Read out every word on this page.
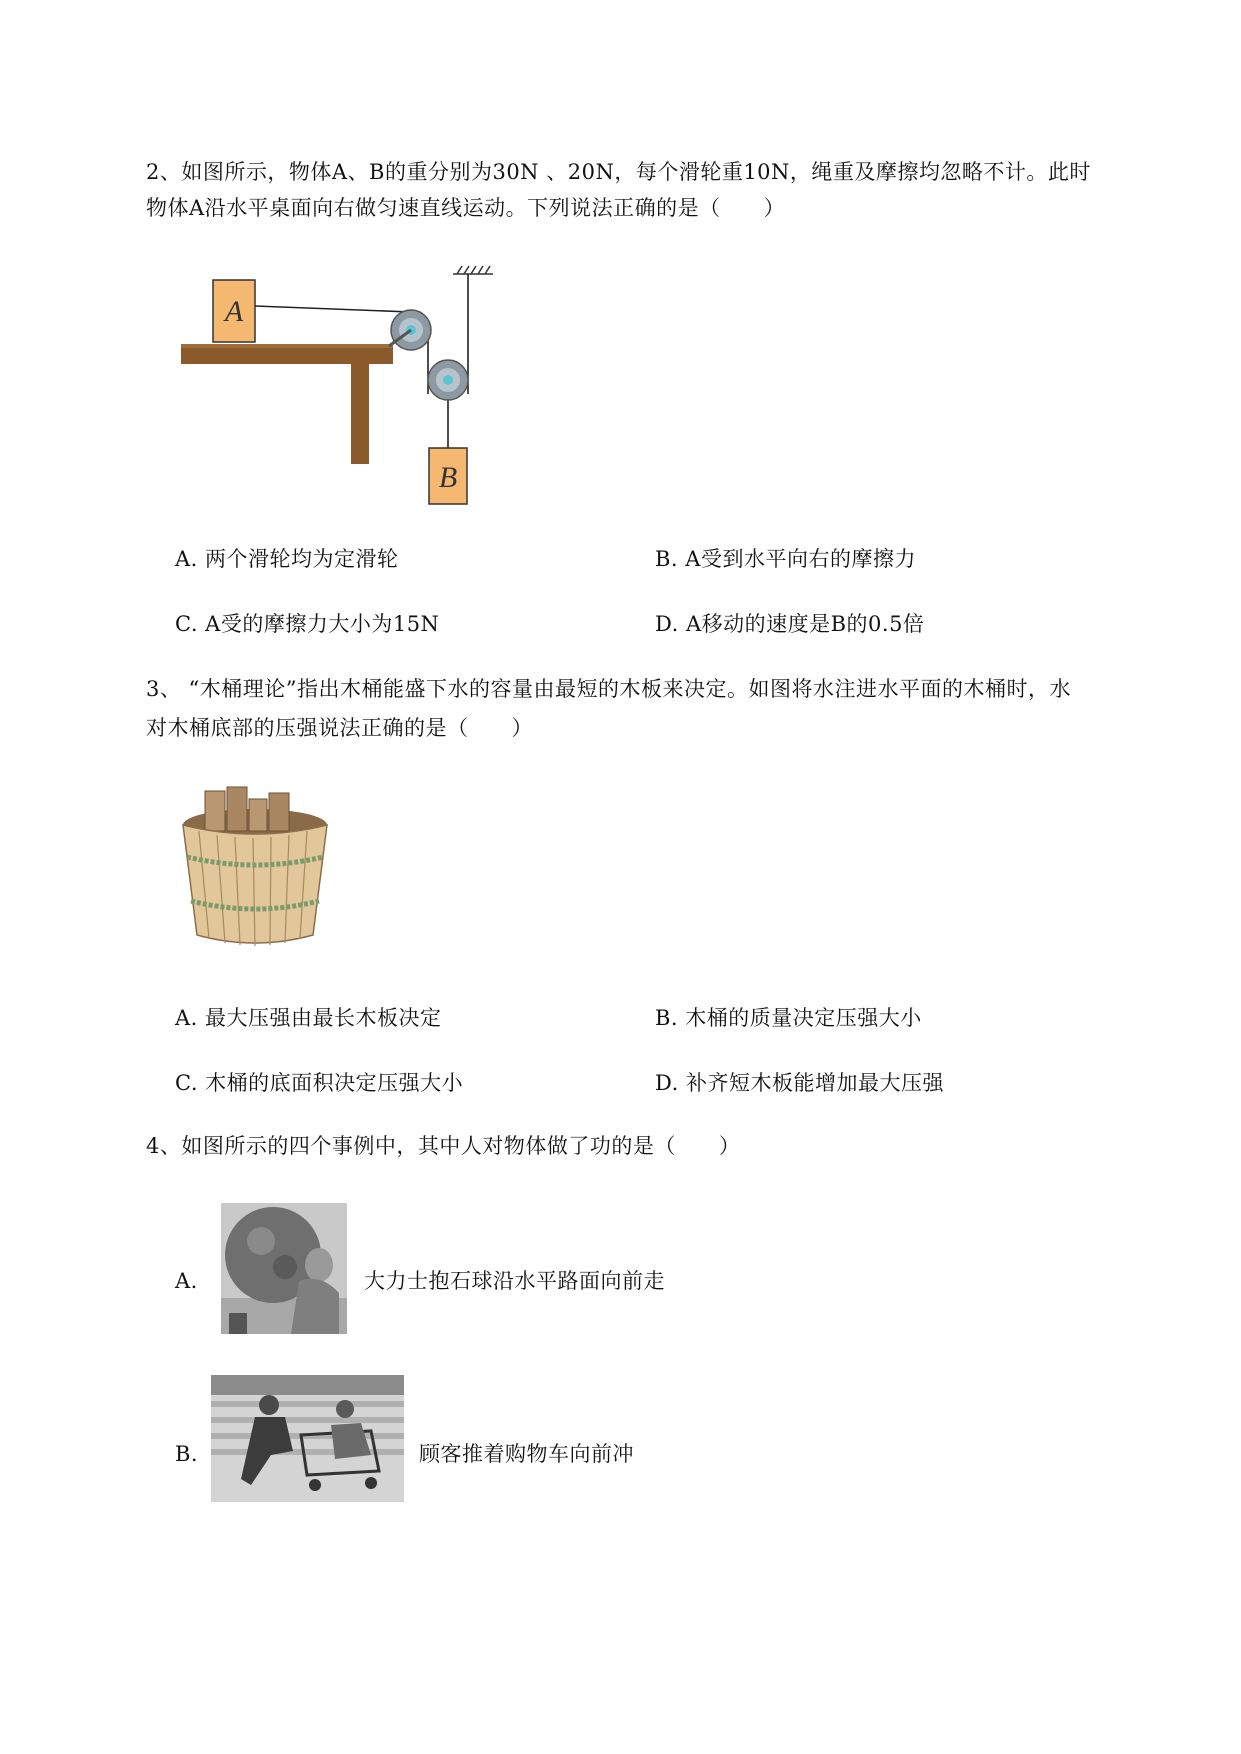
2、如图所示，物体A、B的重分别为30N 、20N，每个滑轮重10N，绳重及摩擦均忽略不计。此时
物体A沿水平桌面向右做匀速直线运动。下列说法正确的是（　　）
A
B
A. 两个滑轮均为定滑轮	B. A受到水平向右的摩擦力
C. A受的摩擦力大小为15N	D. A移动的速度是B的0.5倍
3、 “木桶理论”指出木桶能盛下水的容量由最短的木板来决定。如图将水注进水平面的木桶时，水
对木桶底部的压强说法正确的是（　　）
A. 最大压强由最长木板决定	B. 木桶的质量决定压强大小
C. 木桶的底面积决定压强大小	D. 补齐短木板能增加最大压强
4、如图所示的四个事例中，其中人对物体做了功的是（　　）
A.	大力士抱石球沿水平路面向前走
B.	顾客推着购物车向前冲
